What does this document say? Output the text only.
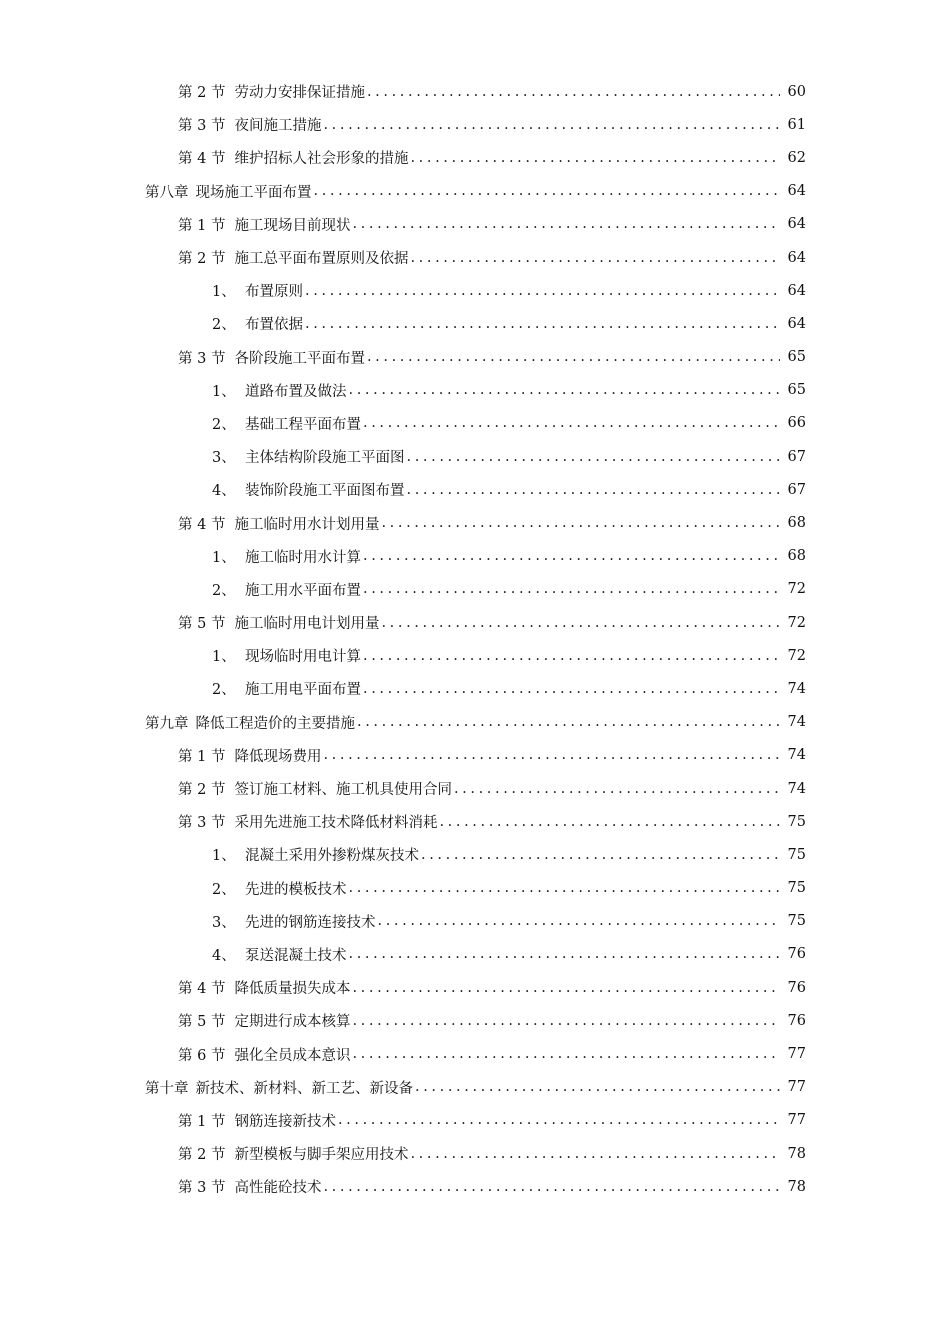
第 2 节 劳动力安排保证措施 .....	60
第 3 节 夜间施工措施 .....	61
第 4 节 维护招标人社会形象的措施 .....	62
第八章 现场施工平面布置 .....	64
第 1 节 施工现场目前现状 .....	64
第 2 节 施工总平面布置原则及依据 .....	64
1、 布置原则 .....	64
2、 布置依据 .....	64
第 3 节 各阶段施工平面布置 .....	65
1、 道路布置及做法 .....	65
2、 基础工程平面布置 .....	66
3、 主体结构阶段施工平面图 .....	67
4、 装饰阶段施工平面图布置 .....	67
第 4 节 施工临时用水计划用量 .....	68
1、 施工临时用水计算 .....	68
2、 施工用水平面布置 .....	72
第 5 节 施工临时用电计划用量 .....	72
1、 现场临时用电计算 .....	72
2、 施工用电平面布置 .....	74
第九章 降低工程造价的主要措施 .....	74
第 1 节 降低现场费用 .....	74
第 2 节 签订施工材料、施工机具使用合同 .....	74
第 3 节 采用先进施工技术降低材料消耗 .....	75
1、 混凝土采用外掺粉煤灰技术 .....	75
2、 先进的模板技术 .....	75
3、 先进的钢筋连接技术 .....	75
4、 泵送混凝土技术 .....	76
第 4 节 降低质量损失成本 .....	76
第 5 节 定期进行成本核算 .....	76
第 6 节 强化全员成本意识 .....	77
第十章 新技术、新材料、新工艺、新设备 .....	77
第 1 节 钢筋连接新技术 .....	77
第 2 节 新型模板与脚手架应用技术 .....	78
第 3 节 高性能砼技术 .....	78
